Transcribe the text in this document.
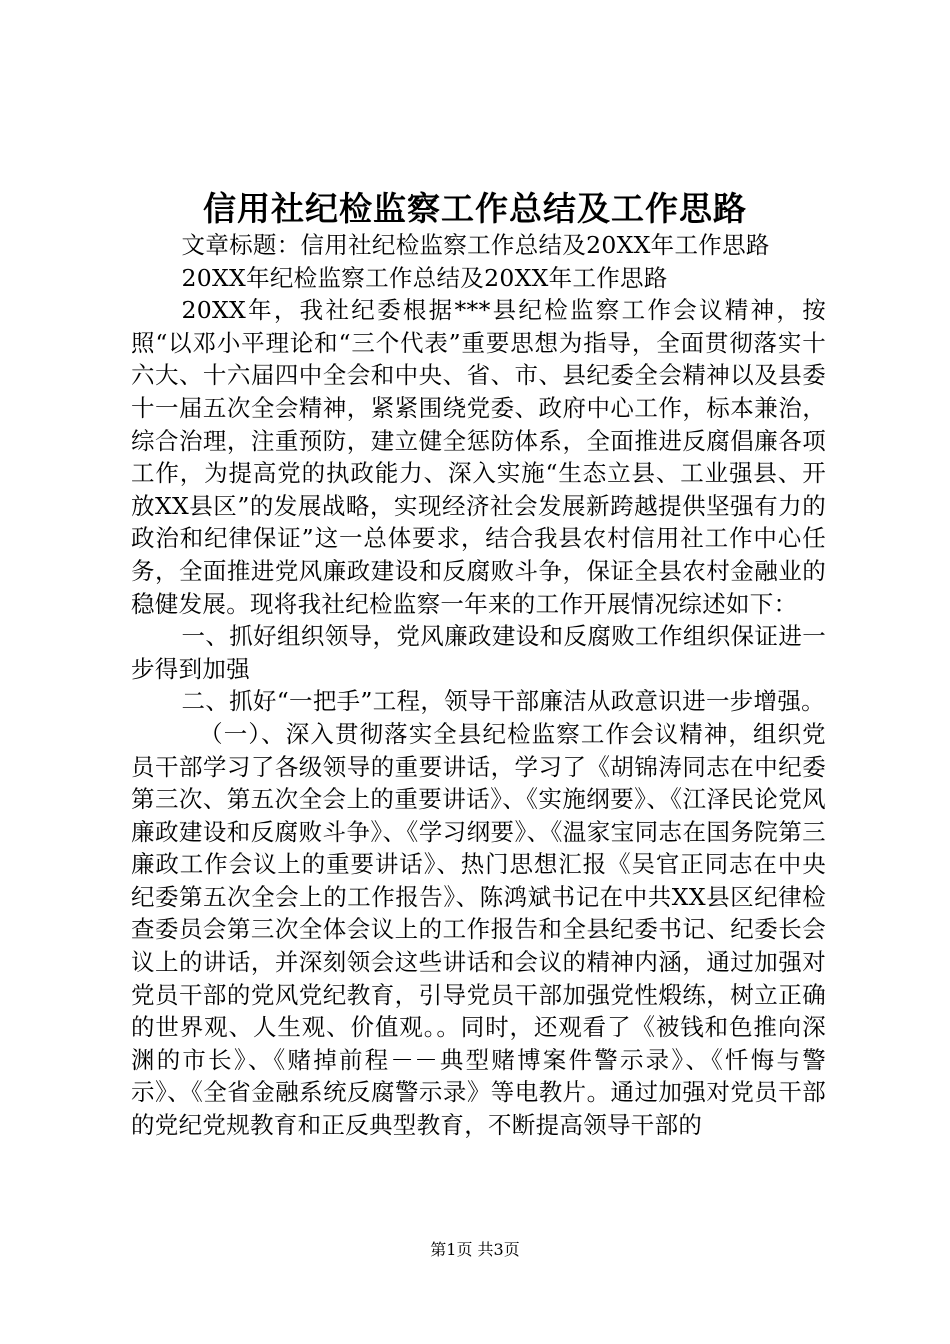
信用社纪检监察工作总结及工作思路

文章标题：信用社纪检监察工作总结及20XX年工作思路

20XX年纪检监察工作总结及20XX年工作思路

20XX年，我社纪委根据***县纪检监察工作会议精神，按照“以邓小平理论和“三个代表”重要思想为指导，全面贯彻落实十六大、十六届四中全会和中央、省、市、县纪委全会精神以及县委十一届五次全会精神，紧紧围绕党委、政府中心工作，标本兼治，综合治理，注重预防，建立健全惩防体系，全面推进反腐倡廉各项工作，为提高党的执政能力、深入实施“生态立县、工业强县、开放XX县区”的发展战略，实现经济社会发展新跨越提供坚强有力的政治和纪律保证”这一总体要求，结合我县农村信用社工作中心任务，全面推进党风廉政建设和反腐败斗争，保证全县农村金融业的稳健发展。现将我社纪检监察一年来的工作开展情况综述如下：

一、抓好组织领导，党风廉政建设和反腐败工作组织保证进一步得到加强

二、抓好“一把手”工程，领导干部廉洁从政意识进一步增强。

（一）、深入贯彻落实全县纪检监察工作会议精神，组织党员干部学习了各级领导的重要讲话，学习了《胡锦涛同志在中纪委第三次、第五次全会上的重要讲话》、《实施纲要》、《江泽民论党风廉政建设和反腐败斗争》、《学习纲要》、《温家宝同志在国务院第三廉政工作会议上的重要讲话》、热门思想汇报《吴官正同志在中央纪委第五次全会上的工作报告》、陈鸿斌书记在中共XX县区纪律检查委员会第三次全体会议上的工作报告和全县纪委书记、纪委长会议上的讲话，并深刻领会这些讲话和会议的精神内涵，通过加强对党员干部的党风党纪教育，引导党员干部加强党性煅练，树立正确的世界观、人生观、价值观。。同时，还观看了《被钱和色推向深渊的市长》、《赌掉前程－－典型赌博案件警示录》、《忏悔与警示》、《全省金融系统反腐警示录》等电教片。通过加强对党员干部的党纪党规教育和正反典型教育，不断提高领导干部的

第1页 共3页
